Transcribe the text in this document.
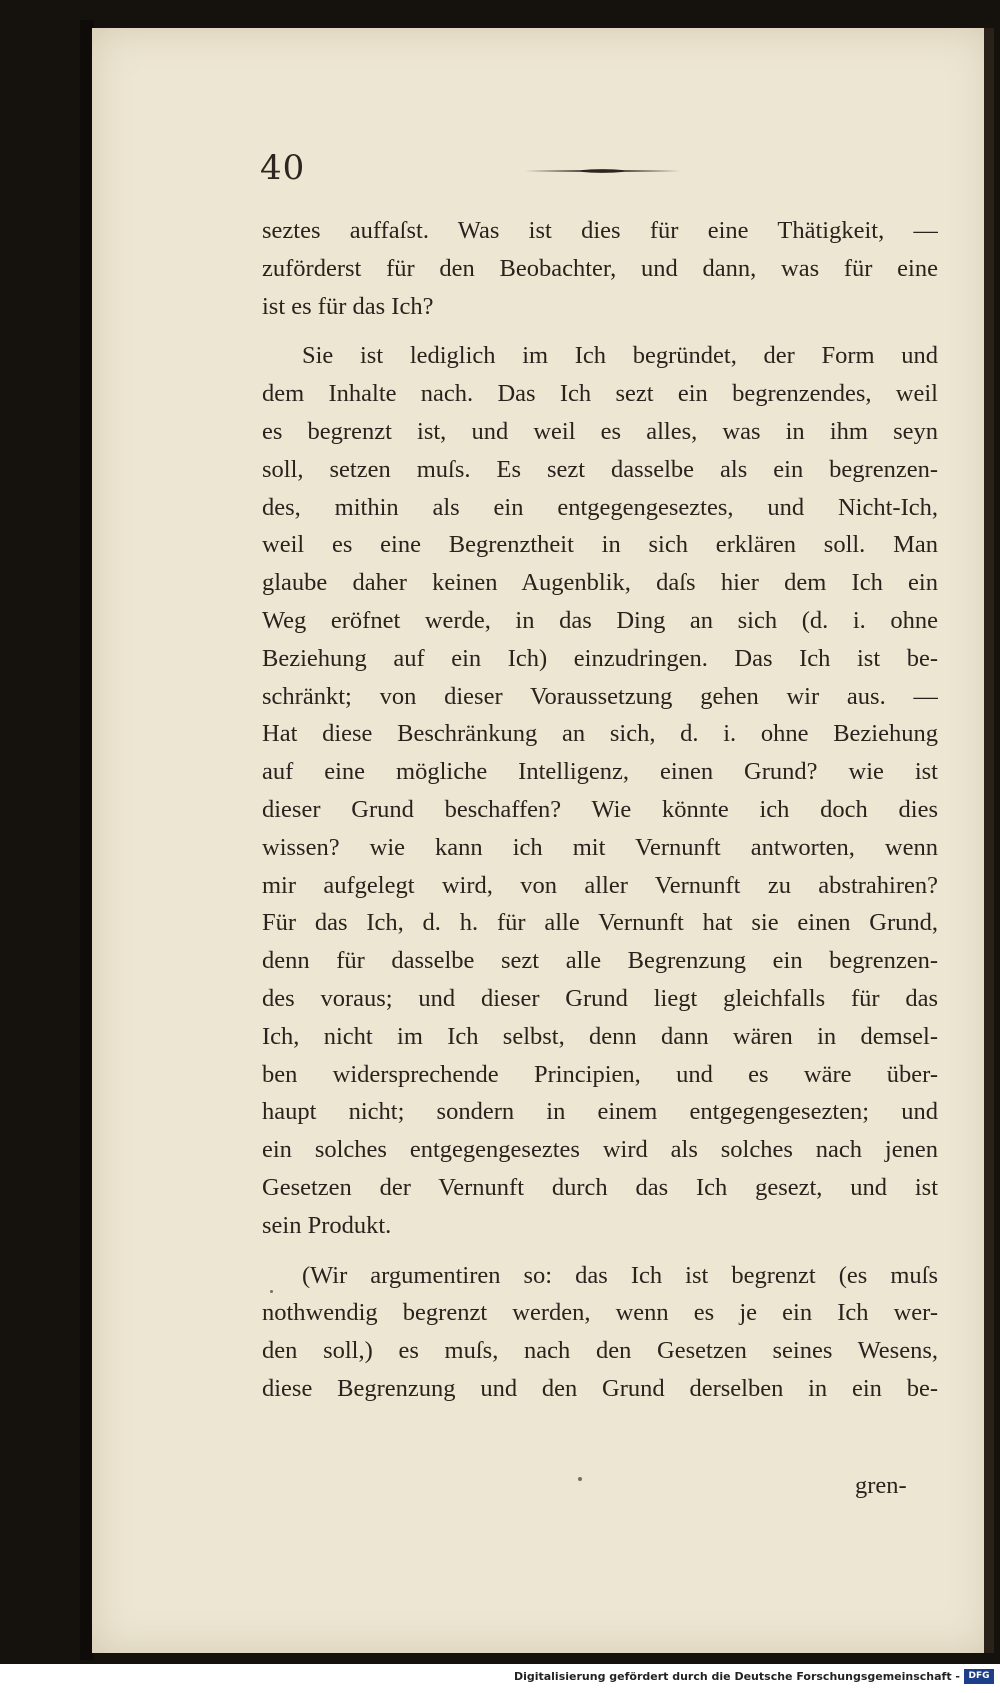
40
seztes auffaſst. Was ist dies für eine Thätigkeit, —
zuförderst für den Beobachter, und dann, was für eine
ist es für das Ich?
Sie ist lediglich im Ich begründet, der Form und
dem Inhalte nach. Das Ich sezt ein begrenzendes, weil
es begrenzt ist, und weil es alles, was in ihm seyn
soll, setzen muſs. Es sezt dasselbe als ein begrenzen-
des, mithin als ein entgegengeseztes, und Nicht-Ich,
weil es eine Begrenztheit in sich erklären soll. Man
glaube daher keinen Augenblik, daſs hier dem Ich ein
Weg eröfnet werde, in das Ding an sich (d. i. ohne
Beziehung auf ein Ich) einzudringen. Das Ich ist be-
schränkt; von dieser Voraussetzung gehen wir aus. —
Hat diese Beschränkung an sich, d. i. ohne Beziehung
auf eine mögliche Intelligenz, einen Grund? wie ist
dieser Grund beschaffen? Wie könnte ich doch dies
wissen? wie kann ich mit Vernunft antworten, wenn
mir aufgelegt wird, von aller Vernunft zu abstrahiren?
Für das Ich, d. h. für alle Vernunft hat sie einen Grund,
denn für dasselbe sezt alle Begrenzung ein begrenzen-
des voraus; und dieser Grund liegt gleichfalls für das
Ich, nicht im Ich selbst, denn dann wären in demsel-
ben widersprechende Principien, und es wäre über-
haupt nicht; sondern in einem entgegengesezten; und
ein solches entgegengeseztes wird als solches nach jenen
Gesetzen der Vernunft durch das Ich gesezt, und ist
sein Produkt.
(Wir argumentiren so: das Ich ist begrenzt (es muſs
nothwendig begrenzt werden, wenn es je ein Ich wer-
den soll,) es muſs, nach den Gesetzen seines Wesens,
diese Begrenzung und den Grund derselben in ein be-
gren-
Digitalisierung gefördert durch die Deutsche Forschungsgemeinschaft - DFG
